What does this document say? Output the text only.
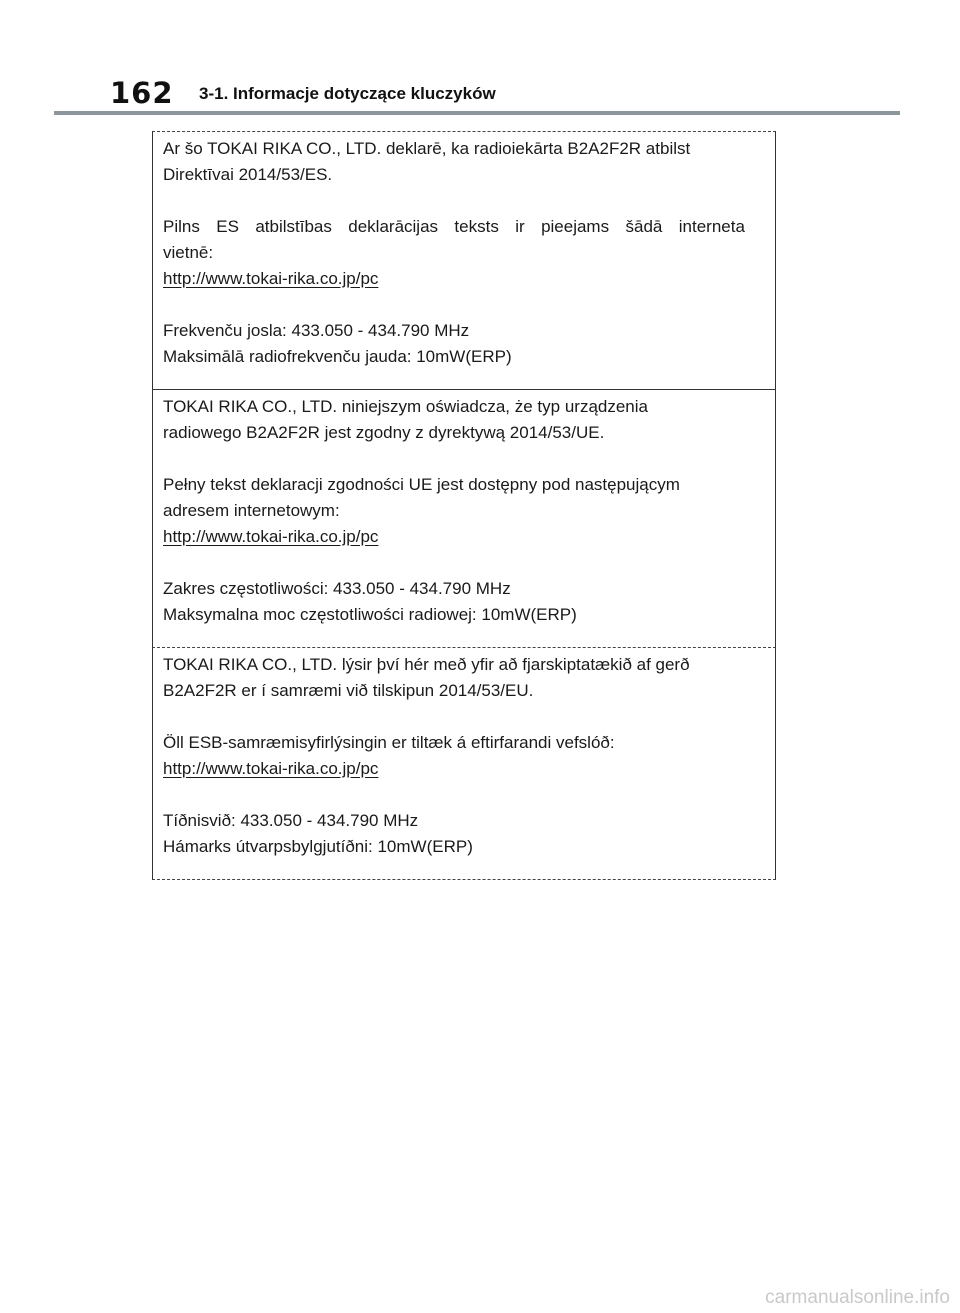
162 3-1. Informacje dotyczące kluczyków
Ar šo TOKAI RIKA CO., LTD. deklarē, ka radioiekārta B2A2F2R atbilst
Direktīvai 2014/53/ES.
Pilns ES atbilstības deklarācijas teksts ir pieejams šādā interneta
vietnē:
http://www.tokai-rika.co.jp/pc
Frekvenču josla: 433.050 - 434.790 MHz
Maksimālā radiofrekvenču jauda: 10mW(ERP)
TOKAI RIKA CO., LTD. niniejszym oświadcza, że typ urządzenia
radiowego B2A2F2R jest zgodny z dyrektywą 2014/53/UE.
Pełny tekst deklaracji zgodności UE jest dostępny pod następującym
adresem internetowym:
http://www.tokai-rika.co.jp/pc
Zakres częstotliwości: 433.050 - 434.790 MHz
Maksymalna moc częstotliwości radiowej: 10mW(ERP)
TOKAI RIKA CO., LTD. lýsir því hér með yfir að fjarskiptatækið af gerð
B2A2F2R er í samræmi við tilskipun 2014/53/EU.
Öll ESB-samræmisyfirlýsingin er tiltæk á eftirfarandi vefslóð:
http://www.tokai-rika.co.jp/pc
Tíðnisvið: 433.050 - 434.790 MHz
Hámarks útvarpsbylgjutíðni: 10mW(ERP)
carmanualsonline.info
